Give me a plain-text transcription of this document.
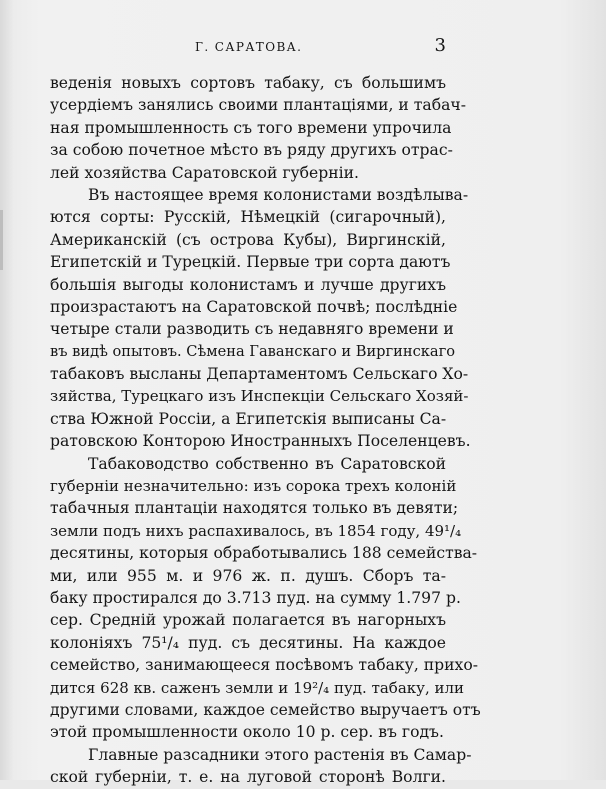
Г. САРАТОВА.	3
веденія новыхъ сортовъ табаку, съ большимъ
усердіемъ занялись своими плантаціями, и табач-
ная промышленность съ того времени упрочила
за собою почетное мѣсто въ ряду другихъ отрас-
лей хозяйства Саратовской губерніи.
Въ настоящее время колонистами воздѣлыва-
ются сорты: Русскій, Нѣмецкій (сигарочный),
Американскій (съ острова Кубы), Виргинскій,
Египетскій и Турецкій. Первые три сорта даютъ
большія выгоды колонистамъ и лучше другихъ
произрастаютъ на Саратовской почвѣ; послѣдніе
четыре стали разводить съ недавняго времени и
въ видѣ опытовъ. Сѣмена Гаванскаго и Виргинскаго
табаковъ высланы Департаментомъ Сельскаго Хо-
зяйства, Турецкаго изъ Инспекціи Сельскаго Хозяй-
ства Южной Россіи, а Египетскія выписаны Са-
ратовскою Конторою Иностранныхъ Поселенцевъ.
Табаководство собственно въ Саратовской
губерніи незначительно: изъ сорока трехъ колоній
табачныя плантаціи находятся только въ девяти;
земли подъ нихъ распахивалось, въ 1854 году, 49¹/₄
десятины, которыя обработывались 188 семейства-
ми, или 955 м. и 976 ж. п. душъ. Сборъ та-
баку простирался до 3.713 пуд. на сумму 1.797 р.
сер. Средній урожай полагается въ нагорныхъ
колоніяхъ 75¹/₄ пуд. съ десятины. На каждое
семейство, занимающееся посѣвомъ табаку, прихо-
дится 628 кв. саженъ земли и 19²/₄ пуд. табаку, или
другими словами, каждое семейство выручаетъ отъ
этой промышленности около 10 р. сер. въ годъ.
Главные разсадники этого растенія въ Самар-
ской губерніи, т. е. на луговой сторонѣ Волги.
